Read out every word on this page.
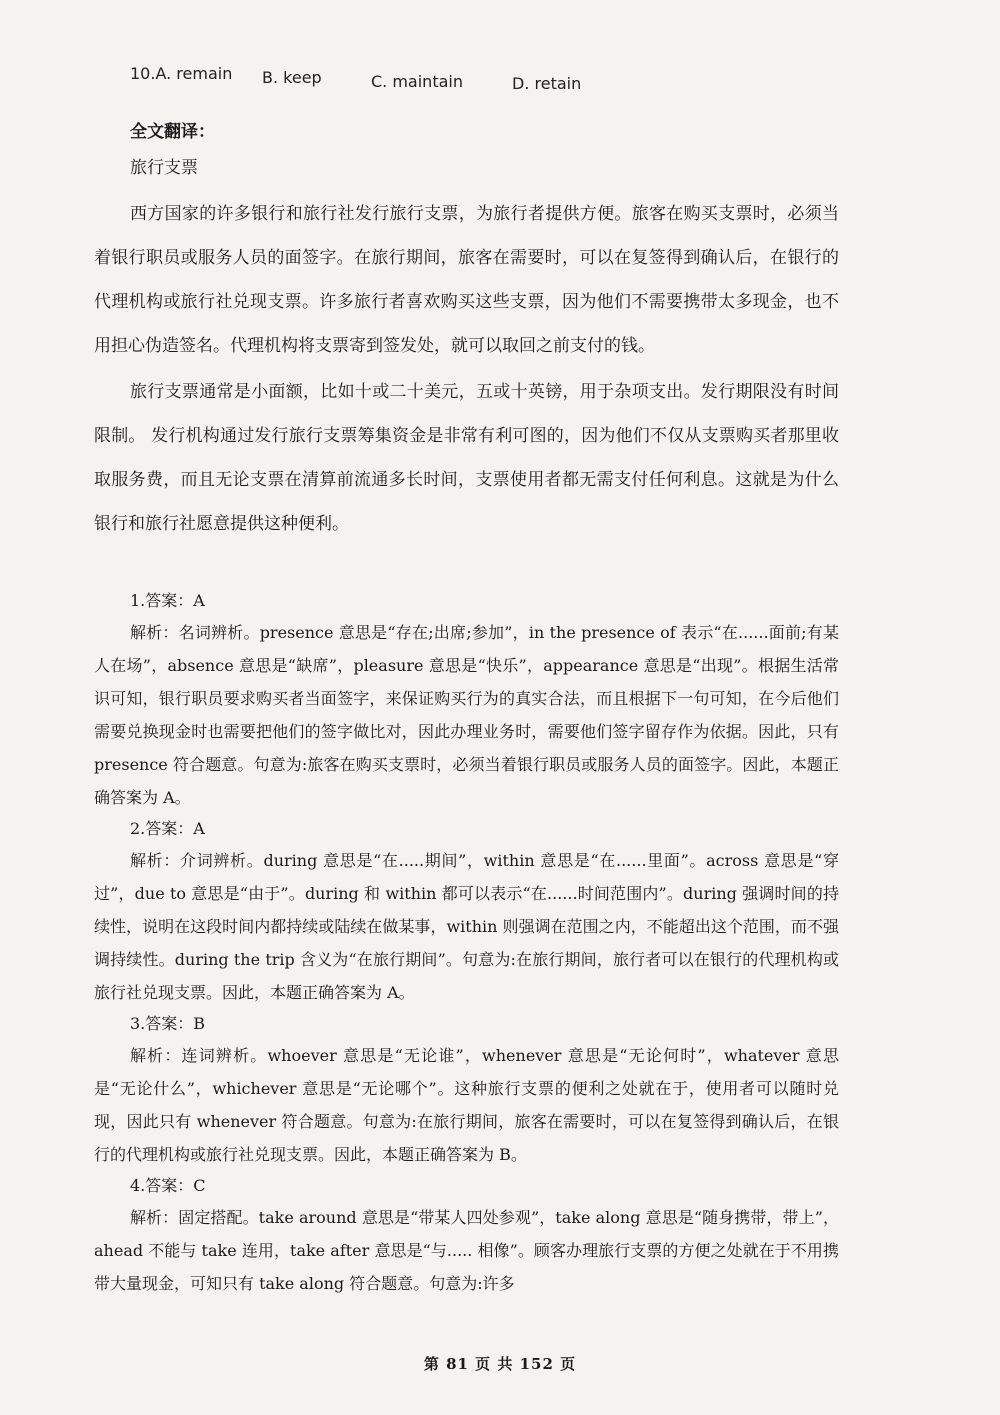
10.A. remain B. keep	C. maintain	D. retain
全文翻译：
旅行支票

西方国家的许多银行和旅行社发行旅行支票，为旅行者提供方便。旅客在购买支票时，必须当着银行职员或服务人员的面签字。在旅行期间，旅客在需要时，可以在复签得到确认后，在银行的代理机构或旅行社兑现支票。许多旅行者喜欢购买这些支票，因为他们不需要携带太多现金，也不用担心伪造签名。代理机构将支票寄到签发处，就可以取回之前支付的钱。

旅行支票通常是小面额，比如十或二十美元，五或十英镑，用于杂项支出。发行期限没有时间限制。 发行机构通过发行旅行支票筹集资金是非常有利可图的，因为他们不仅从支票购买者那里收取服务费，而且无论支票在清算前流通多长时间，支票使用者都无需支付任何利息。这就是为什么银行和旅行社愿意提供这种便利。

1.答案：A

解析：名词辨析。presence 意思是“存在;出席;参加”，in the presence of 表示“在......面前;有某人在场”，absence 意思是“缺席”，pleasure 意思是“快乐”，appearance 意思是“出现”。根据生活常识可知，银行职员要求购买者当面签字，来保证购买行为的真实合法，而且根据下一句可知，在今后他们需要兑换现金时也需要把他们的签字做比对，因此办理业务时，需要他们签字留存作为依据。因此，只有 presence 符合题意。句意为:旅客在购买支票时，必须当着银行职员或服务人员的面签字。因此，本题正确答案为 A。

2.答案：A

解析：介词辨析。during 意思是“在.....期间”，within 意思是“在......里面”。across 意思是“穿过”，due to 意思是“由于”。during 和 within 都可以表示“在......时间范围内”。during 强调时间的持续性，说明在这段时间内都持续或陆续在做某事，within 则强调在范围之内，不能超出这个范围，而不强调持续性。during the trip 含义为“在旅行期间”。句意为:在旅行期间，旅行者可以在银行的代理机构或旅行社兑现支票。因此，本题正确答案为 A。

3.答案：B

解析：连词辨析。whoever 意思是“无论谁”，whenever 意思是“无论何时”，whatever 意思是“无论什么”，whichever 意思是“无论哪个”。这种旅行支票的便利之处就在于，使用者可以随时兑现，因此只有 whenever 符合题意。句意为:在旅行期间，旅客在需要时，可以在复签得到确认后，在银行的代理机构或旅行社兑现支票。因此，本题正确答案为 B。

4.答案：C

解析：固定搭配。take around 意思是“带某人四处参观”，take along 意思是“随身携带，带上”，ahead 不能与 take 连用，take after 意思是“与..... 相像”。顾客办理旅行支票的方便之处就在于不用携带大量现金，可知只有 take along 符合题意。句意为:许多

第 81 页 共 152 页
